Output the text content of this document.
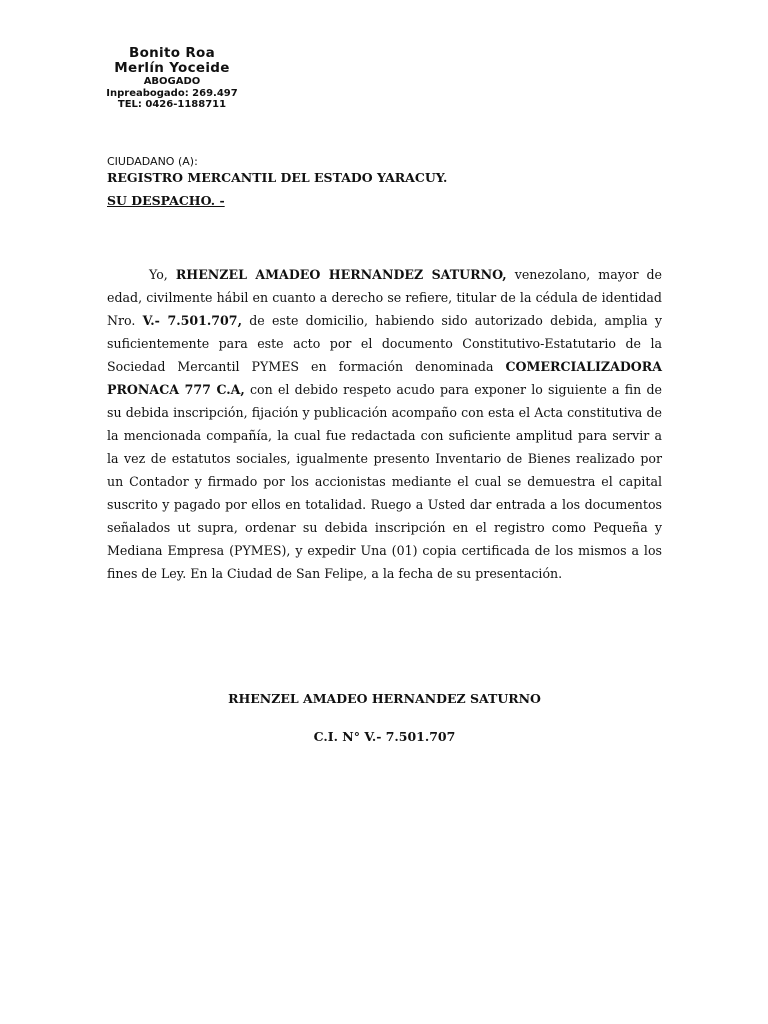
Bonito Roa
Merlín Yoceide
ABOGADO
Inpreabogado: 269.497
TEL: 0426-1188711
CIUDADANO (A):
REGISTRO MERCANTIL DEL ESTADO YARACUY.
SU DESPACHO. -

Yo, RHENZEL AMADEO HERNANDEZ SATURNO, venezolano, mayor de edad, civilmente hábil en cuanto a derecho se refiere, titular de la cédula de identidad Nro. V.- 7.501.707, de este domicilio, habiendo sido autorizado debida, amplia y suficientemente para este acto por el documento Constitutivo-Estatutario de la Sociedad Mercantil PYMES en formación denominada COMERCIALIZADORA PRONACA 777 C.A, con el debido respeto acudo para exponer lo siguiente a fin de su debida inscripción, fijación y publicación acompaño con esta el Acta constitutiva de la mencionada compañía, la cual fue redactada con suficiente amplitud para servir a la vez de estatutos sociales, igualmente presento Inventario de Bienes realizado por un Contador y firmado por los accionistas mediante el cual se demuestra el capital suscrito y pagado por ellos en totalidad. Ruego a Usted dar entrada a los documentos señalados ut supra, ordenar su debida inscripción en el registro como Pequeña y Mediana Empresa (PYMES), y expedir Una (01) copia certificada de los mismos a los fines de Ley. En la Ciudad de San Felipe, a la fecha de su presentación.

RHENZEL AMADEO HERNANDEZ SATURNO
C.I. N° V.- 7.501.707
